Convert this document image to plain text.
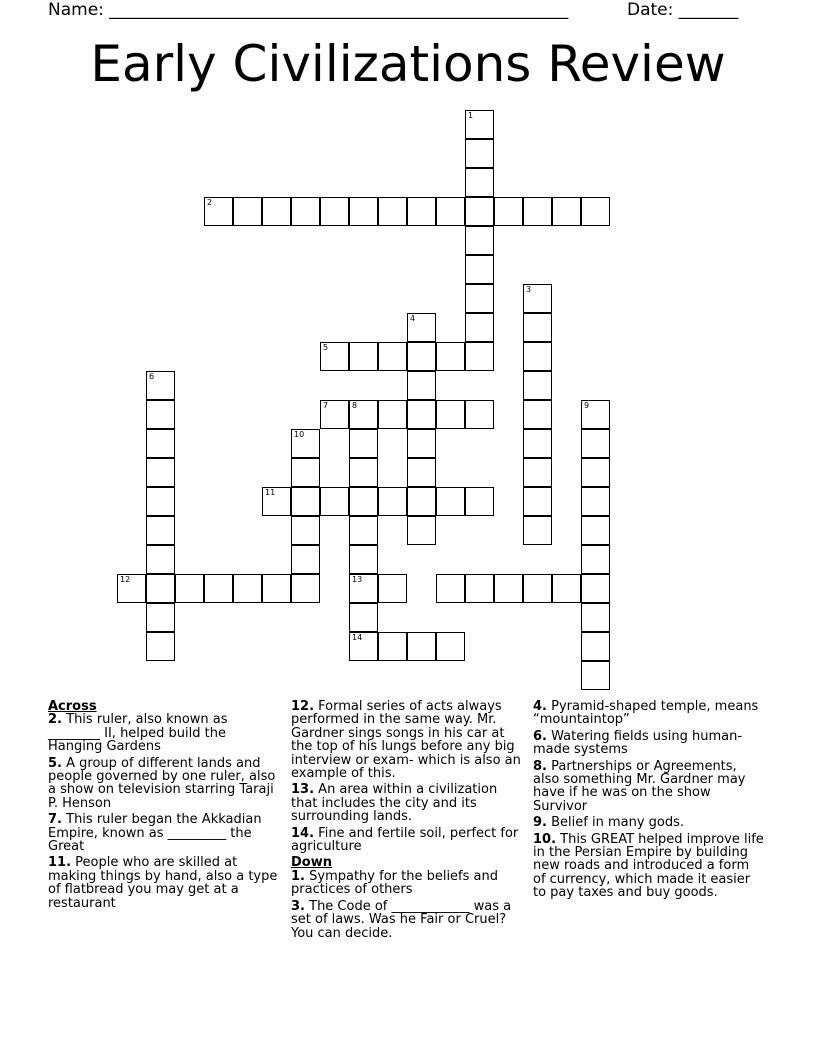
Name: ______________________________________________________	Date: _______
Early Civilizations Review
1
2
3
4
5
6
7	8
13
14
10
9
11
12
Across
2. This ruler, also known as ________ II, helped build the Hanging Gardens
5. A group of different lands and people governed by one ruler, also a show on television starring Taraji P. Henson
7. This ruler began the Akkadian Empire, known as _________ the Great
11. People who are skilled at making things by hand, also a type of flatbread you may get at a restaurant
12. Formal series of acts always performed in the same way. Mr. Gardner sings songs in his car at the top of his lungs before any big interview or exam- which is also an example of this.
13. An area within a civilization that includes the city and its surrounding lands.
14. Fine and fertile soil, perfect for agriculture
Down
1. Sympathy for the beliefs and practices of others
3. The Code of ____________ was a set of laws. Was he Fair or Cruel? You can decide.
4. Pyramid-shaped temple, means “mountaintop”
6. Watering fields using human-made systems
8. Partnerships or Agreements, also something Mr. Gardner may have if he was on the show Survivor
9. Belief in many gods.
10. This GREAT helped improve life in the Persian Empire by building new roads and introduced a form of currency, which made it easier to pay taxes and buy goods.
